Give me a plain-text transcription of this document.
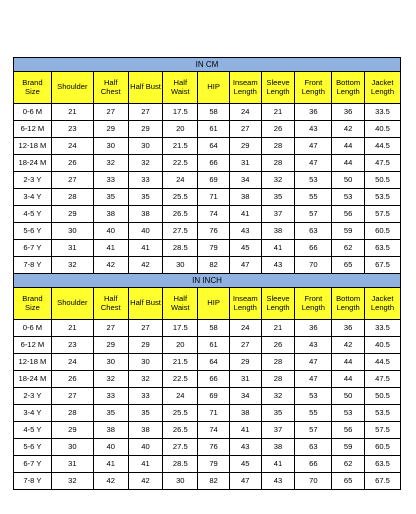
IN CM										
Brand Size	Shoulder	Half Chest	Half Bust	Half Waist	HIP	Inseam Length	Sleeve Length	Front Length	Bottom Length	Jacket Length
0-6 M	21	27	27	17.5	58	24	21	36	36	33.5
6-12 M	23	29	29	20	61	27	26	43	42	40.5
12-18 M	24	30	30	21.5	64	29	28	47	44	44.5
18-24 M	26	32	32	22.5	66	31	28	47	44	47.5
2-3 Y	27	33	33	24	69	34	32	53	50	50.5
3-4 Y	28	35	35	25.5	71	38	35	55	53	53.5
4-5 Y	29	38	38	26.5	74	41	37	57	56	57.5
5-6 Y	30	40	40	27.5	76	43	38	63	59	60.5
6-7 Y	31	41	41	28.5	79	45	41	66	62	63.5
7-8 Y	32	42	42	30	82	47	43	70	65	67.5
IN INCH										
Brand Size	Shoulder	Half Chest	Half Bust	Half Waist	HIP	Inseam Length	Sleeve Length	Front Length	Bottom Length	Jacket Length
0-6 M	21	27	27	17.5	58	24	21	36	36	33.5
6-12 M	23	29	29	20	61	27	26	43	42	40.5
12-18 M	24	30	30	21.5	64	29	28	47	44	44.5
18-24 M	26	32	32	22.5	66	31	28	47	44	47.5
2-3 Y	27	33	33	24	69	34	32	53	50	50.5
3-4 Y	28	35	35	25.5	71	38	35	55	53	53.5
4-5 Y	29	38	38	26.5	74	41	37	57	56	57.5
5-6 Y	30	40	40	27.5	76	43	38	63	59	60.5
6-7 Y	31	41	41	28.5	79	45	41	66	62	63.5
7-8 Y	32	42	42	30	82	47	43	70	65	67.5
